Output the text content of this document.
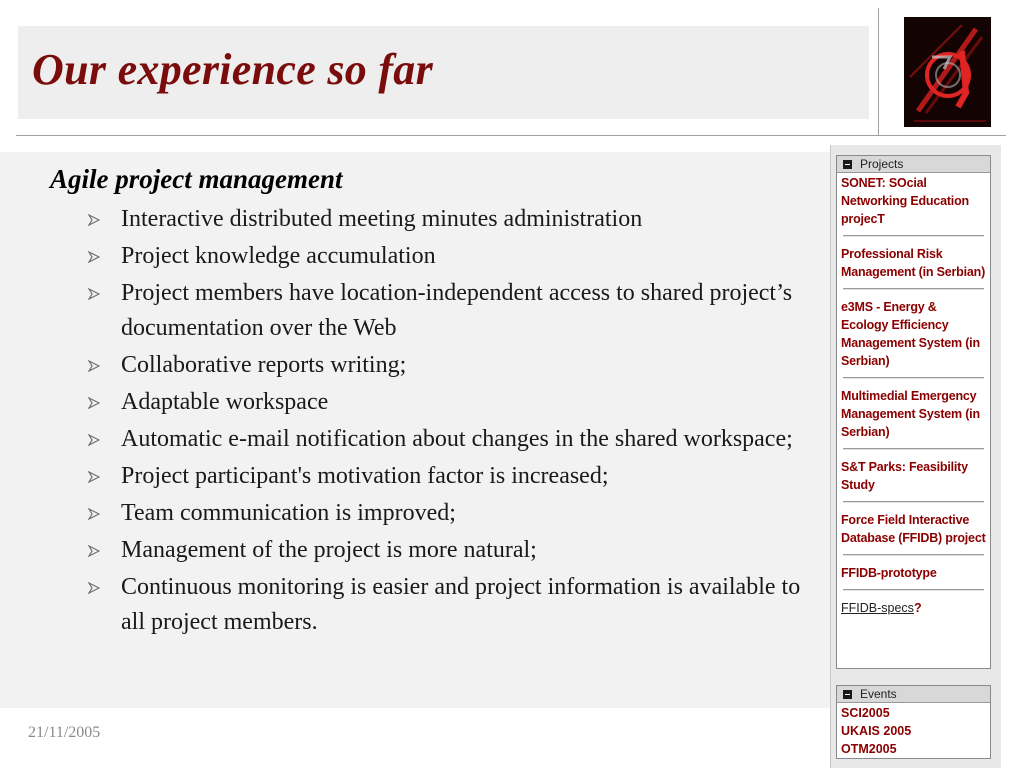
Our experience so far
Agile project management
Interactive distributed meeting minutes administration
Project knowledge accumulation
Project members have location-independent access to shared project’s documentation over the Web
Collaborative reports writing;
Adaptable workspace
Automatic e-mail notification about changes in the shared workspace;
Project participant's motivation factor is increased;
Team communication is improved;
Management of the project is more natural;
Continuous monitoring is easier and project information is available to all project members.
21/11/2005
Projects
SONET: SOcial Networking Education projecT
Professional Risk Management (in Serbian)
e3MS - Energy & Ecology Efficiency Management System (in Serbian)
Multimedial Emergency Management System (in Serbian)
S&T Parks: Feasibility Study
Force Field Interactive Database (FFIDB) project
FFIDB-prototype
FFIDB-specs?
Events
SCI2005
UKAIS 2005
OTM2005
